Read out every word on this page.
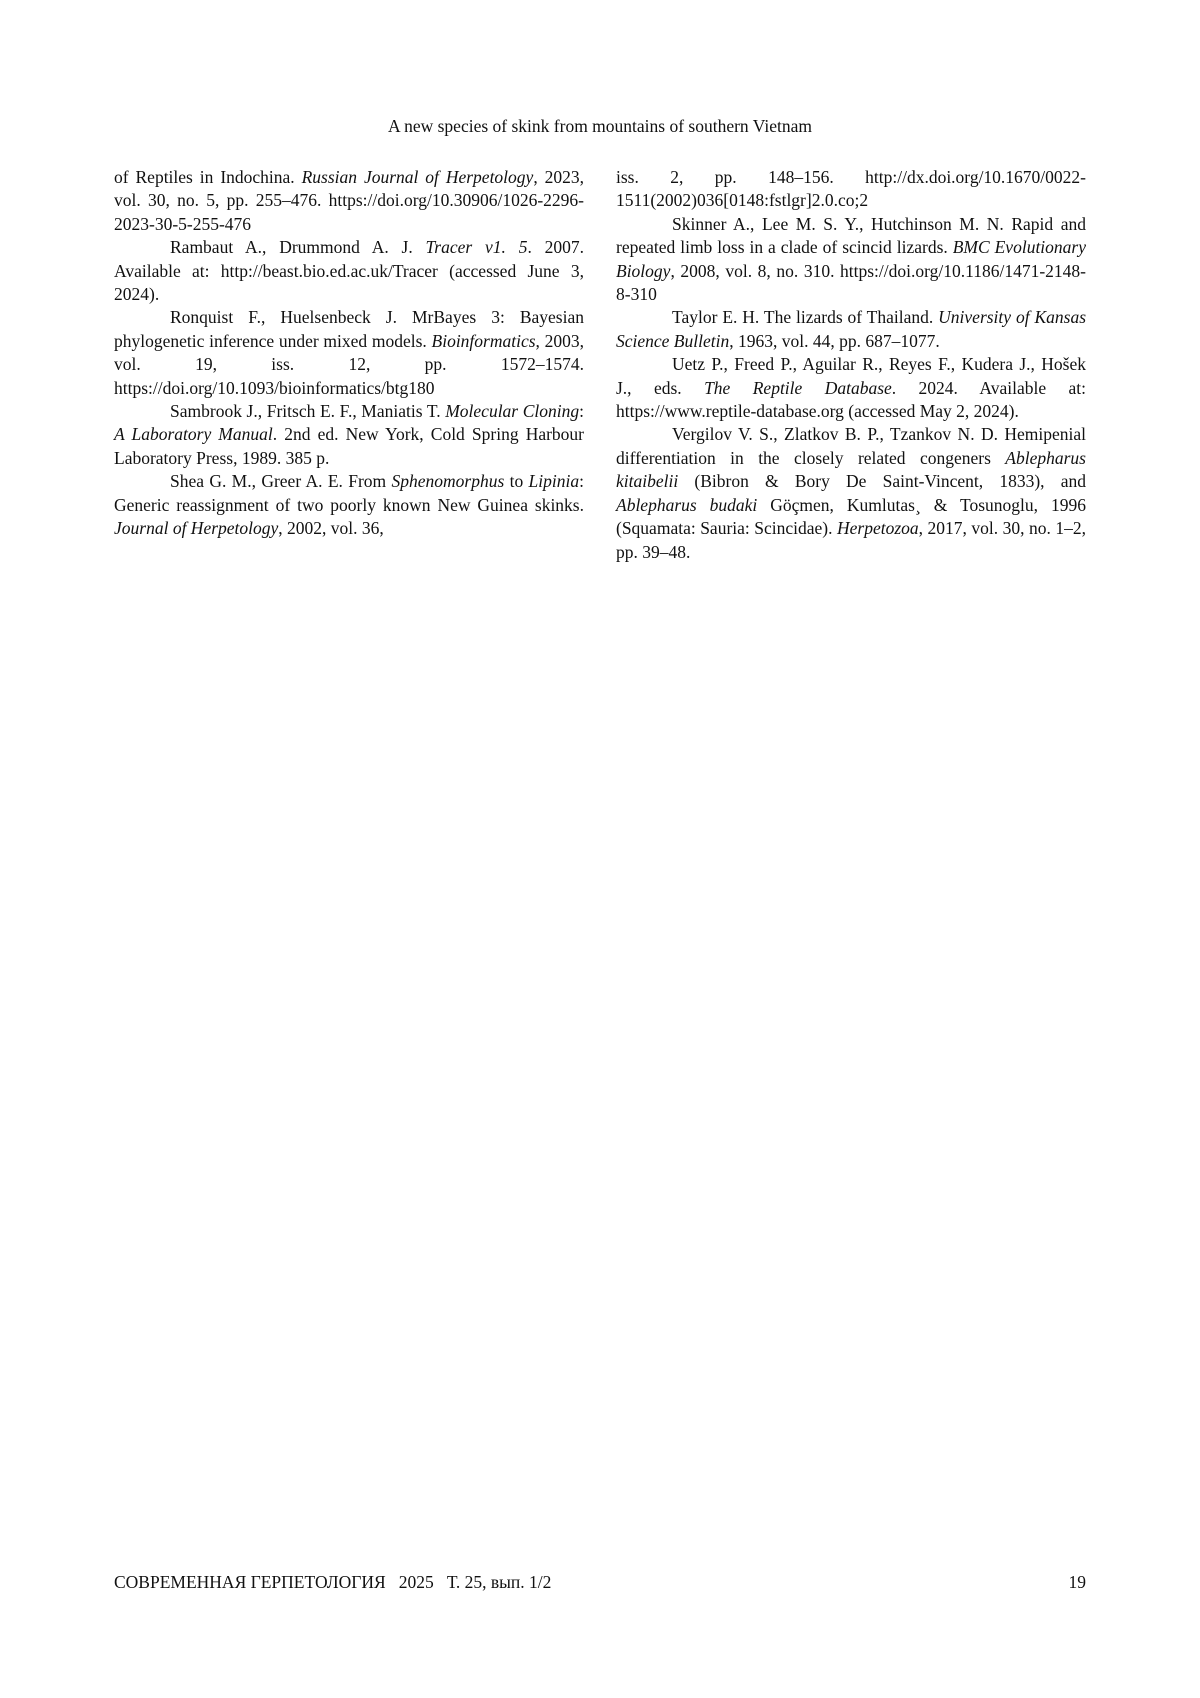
A new species of skink from mountains of southern Vietnam

of Reptiles in Indochina. Russian Journal of Herpetology, 2023, vol. 30, no. 5, pp. 255–476. https://doi.org/10.30906/1026-2296-2023-30-5-255-476

Rambaut A., Drummond A. J. Tracer v1. 5. 2007. Available at: http://beast.bio.ed.ac.uk/Tracer (accessed June 3, 2024).

Ronquist F., Huelsenbeck J. MrBayes 3: Bayesian phylogenetic inference under mixed models. Bioinformatics, 2003, vol. 19, iss. 12, pp. 1572–1574. https://doi.org/10.1093/bioinformatics/btg180

Sambrook J., Fritsch E. F., Maniatis T. Molecular Cloning: A Laboratory Manual. 2nd ed. New York, Cold Spring Harbour Laboratory Press, 1989. 385 p.

Shea G. M., Greer A. E. From Sphenomorphus to Lipinia: Generic reassignment of two poorly known New Guinea skinks. Journal of Herpetology, 2002, vol. 36,

iss. 2, pp. 148–156. http://dx.doi.org/10.1670/0022-1511(2002)036[0148:fstlgr]2.0.co;2

Skinner A., Lee M. S. Y., Hutchinson M. N. Rapid and repeated limb loss in a clade of scincid lizards. BMC Evolutionary Biology, 2008, vol. 8, no. 310. https://doi.org/10.1186/1471-2148-8-310

Taylor E. H. The lizards of Thailand. University of Kansas Science Bulletin, 1963, vol. 44, pp. 687–1077.

Uetz P., Freed P., Aguilar R., Reyes F., Kudera J., Hošek J., eds. The Reptile Database. 2024. Available at: https://www.reptile-database.org (accessed May 2, 2024).

Vergilov V. S., Zlatkov B. P., Tzankov N. D. Hemipenial differentiation in the closely related congeners Ablepharus kitaibelii (Bibron & Bory De Saint-Vincent, 1833), and Ablepharus budaki Göçmen, Kumlutas¸ & Tosunoglu, 1996 (Squamata: Sauria: Scincidae). Herpetozoa, 2017, vol. 30, no. 1–2, pp. 39–48.

СОВРЕМЕННАЯ ГЕРПЕТОЛОГИЯ   2025   Т. 25, вып. 1/2	19
